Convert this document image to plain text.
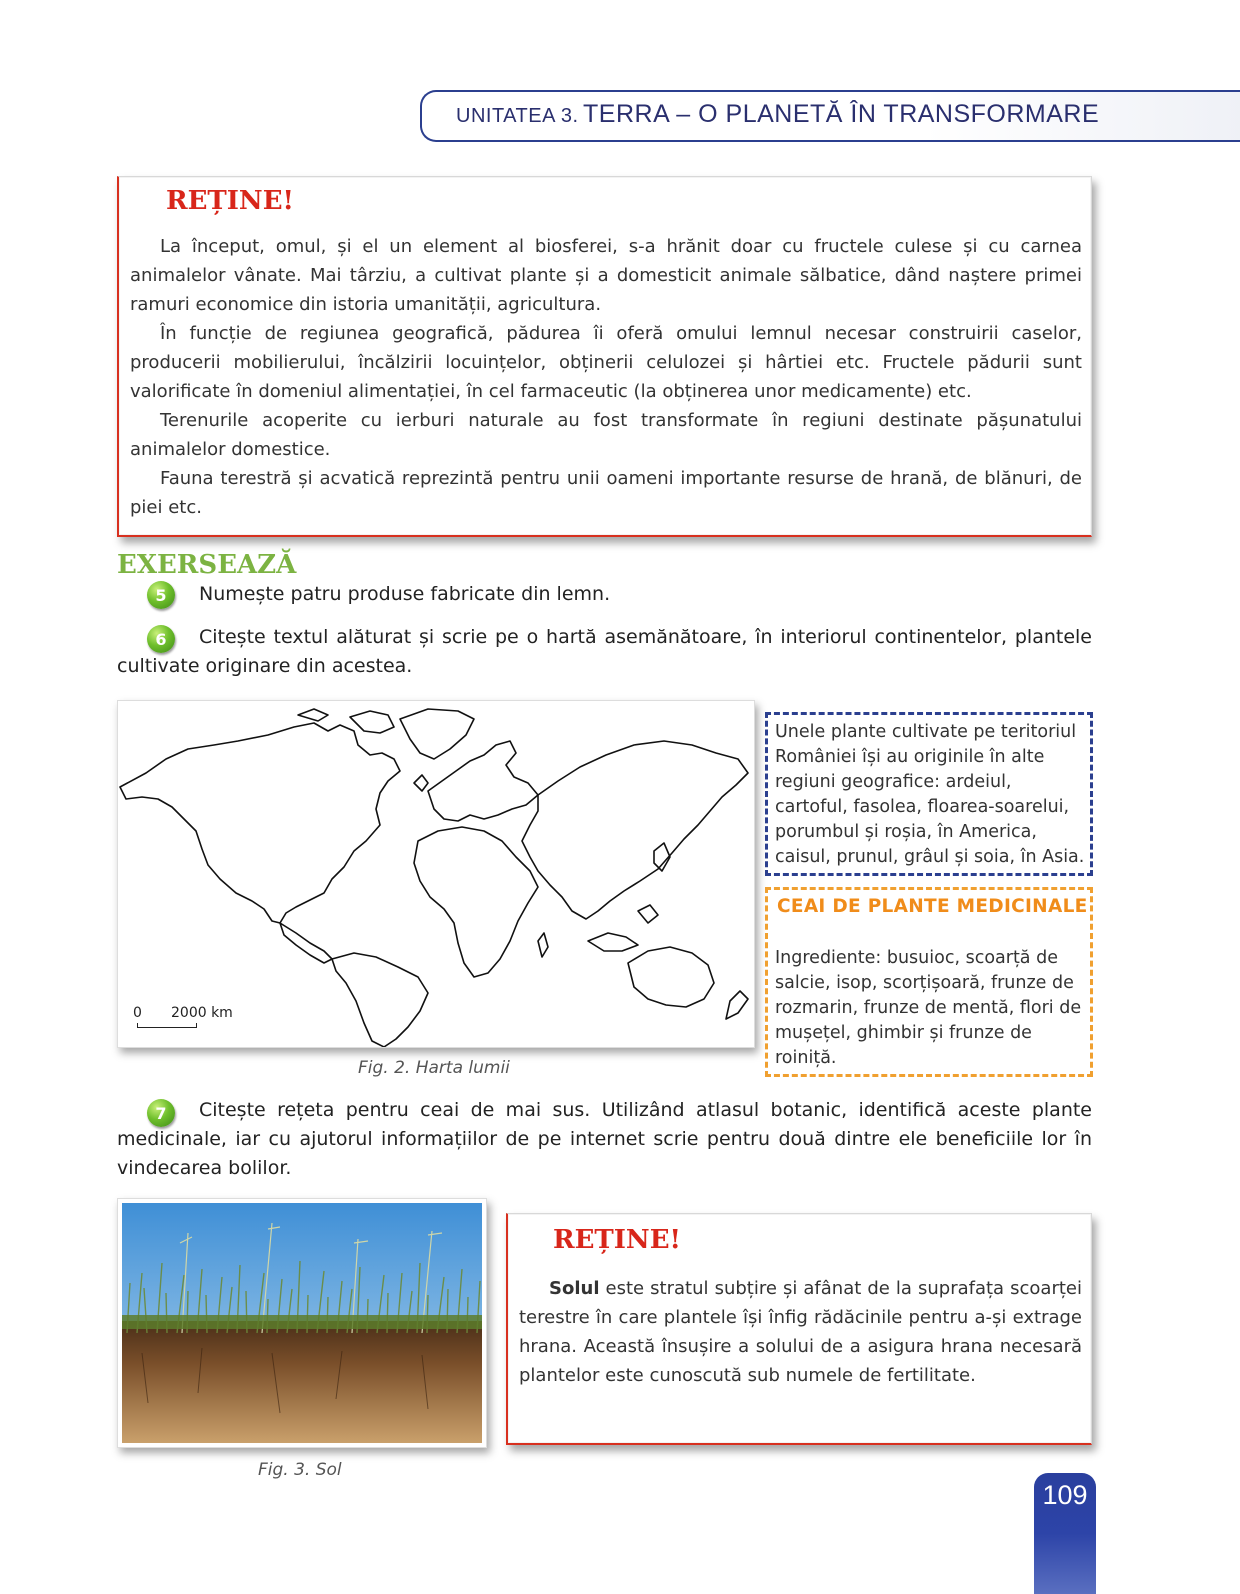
UNITATEA 3. TERRA – O PLANETĂ ÎN TRANSFORMARE
REȚINE!

La început, omul, și el un element al biosferei, s-a hrănit doar cu fructele culese și cu carnea animalelor vânate. Mai târziu, a cultivat plante și a domesticit animale sălbatice, dând naștere primei ramuri economice din istoria umanității, agricultura.

În funcție de regiunea geografică, pădurea îi oferă omului lemnul necesar construirii caselor, producerii mobilierului, încălzirii locuințelor, obținerii celulozei și hârtiei etc. Fructele pădurii sunt valorificate în domeniul alimentației, în cel farmaceutic (la obținerea unor medicamente) etc.

Terenurile acoperite cu ierburi naturale au fost transformate în regiuni destinate pășunatului animalelor domestice.

Fauna terestră și acvatică reprezintă pentru unii oameni importante resurse de hrană, de blănuri, de piei etc.

EXERSEAZĂ
5	Numește patru produse fabricate din lemn.
6	Citește textul alăturat și scrie pe o hartă asemănătoare, în interiorul continentelor, plantele cultivate originare din acestea.
0 2000 km
Fig. 2. Harta lumii
Unele plante cultivate pe teritoriul României își au originile în alte regiuni geografice: ardeiul, cartoful, fasolea, floarea-soarelui, porumbul și roșia, în America, caisul, prunul, grâul și soia, în Asia.
CEAI DE PLANTE MEDICINALE
Ingrediente: busuioc, scoarță de salcie, isop, scorțișoară, frunze de rozmarin, frunze de mentă, flori de mușețel, ghimbir și frunze de roiniță.
7	Citește rețeta pentru ceai de mai sus. Utilizând atlasul botanic, identifică aceste plante medicinale, iar cu ajutorul informațiilor de pe internet scrie pentru două dintre ele beneficiile lor în vindecarea bolilor.
Fig. 3. Sol
REȚINE!

Solul este stratul subțire și afânat de la suprafața scoarței terestre în care plantele își înfig rădăcinile pentru a-și extrage hrana. Această însușire a solului de a asigura hrana necesară plantelor este cunoscută sub numele de fertilitate.

109
